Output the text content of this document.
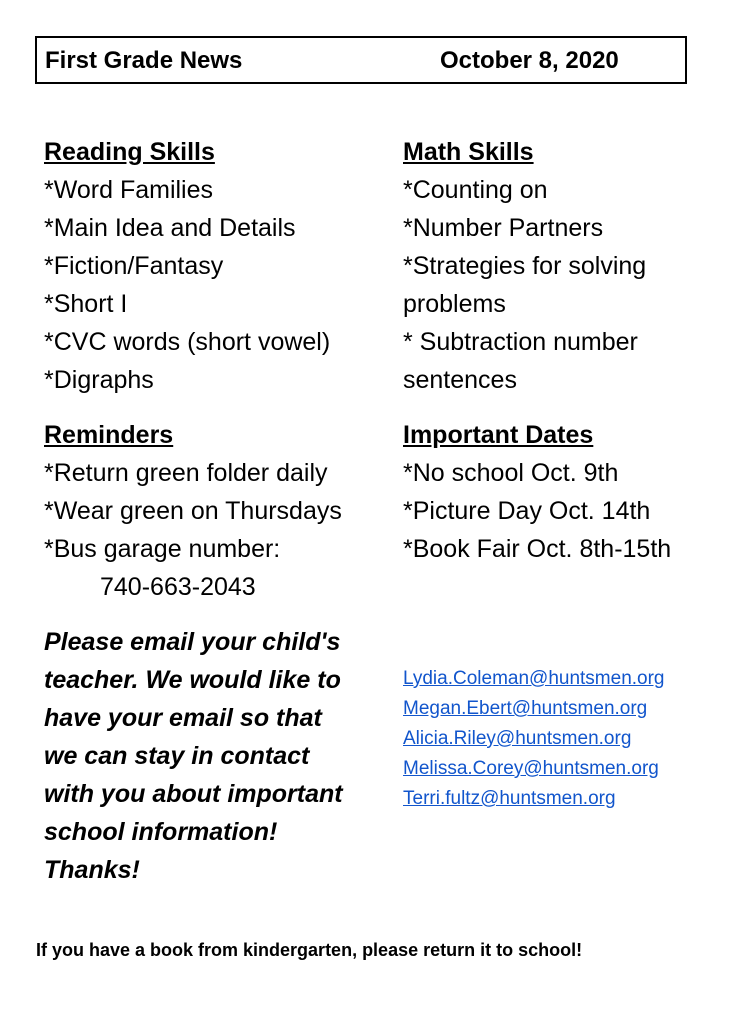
First Grade News	October 8, 2020
Reading Skills
*Word Families
*Main Idea and Details
*Fiction/Fantasy
*Short I
*CVC words (short vowel)
*Digraphs
Math Skills
*Counting on
*Number Partners
*Strategies for solving
problems
* Subtraction number
sentences
Reminders
*Return green folder daily
*Wear green on Thursdays
*Bus garage number:
740-663-2043
Important Dates
*No school Oct. 9th
*Picture Day Oct. 14th
*Book Fair Oct. 8th-15th
Please email your child's
teacher. We would like to
have your email so that
we can stay in contact
with you about important
school information!
Thanks!
Lydia.Coleman@huntsmen.org
Megan.Ebert@huntsmen.org
Alicia.Riley@huntsmen.org
Melissa.Corey@huntsmen.org
Terri.fultz@huntsmen.org
If you have a book from kindergarten, please return it to school!
